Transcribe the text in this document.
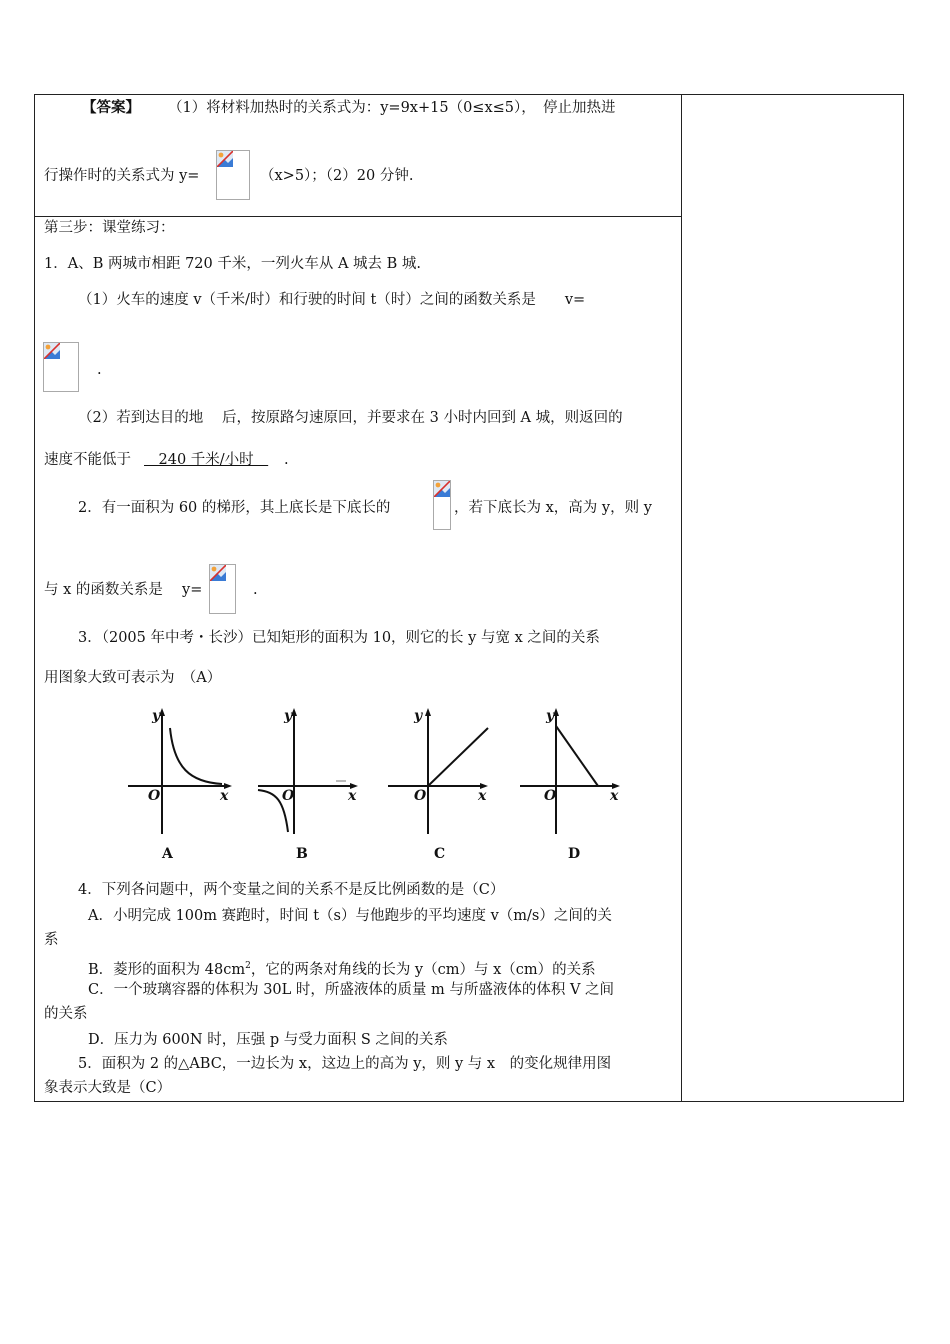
【答案】 （1）将材料加热时的关系式为：y=9x+15（0≤x≤5），　停止加热进
行操作时的关系式为 y=	（x>5）；（2）20 分钟.
第三步：课堂练习：
1．A、B 两城市相距 720 千米，一列火车从 A 城去 B 城.
（1）火车的速度 v（千米/时）和行驶的时间 t（时）之间的函数关系是　　v=
.
（2）若到达目的地 后，按原路匀速原回，并要求在 3 小时内回到 A 城，则返回的
速度不能低于 　240 千米/小时　 .
2．有一面积为 60 的梯形，其上底长是下底长的	，若下底长为 x，高为 y，则 y
与 x 的函数关系是　 y=	.
3．（2005 年中考・长沙）已知矩形的面积为 10，则它的长 y 与宽 x 之间的关系
用图象大致可表示为　（A）
y
x
O
A
y
x
O
B
y
x
O
C
y
x
O
D
4．下列各问题中，两个变量之间的关系不是反比例函数的是（C）
A．小明完成 100m 赛跑时，时间 t（s）与他跑步的平均速度 v（m/s）之间的关
系
B．菱形的面积为 $48cm^2$，它的两条对角线的长为 y（cm）与 x（cm）的关系
C．一个玻璃容器的体积为 30L 时，所盛液体的质量 m 与所盛液体的体积 V 之间
的关系
D．压力为 600N 时，压强 p 与受力面积 S 之间的关系
5．面积为 2 的△ABC，一边长为 x，这边上的高为 y，则 y 与 x　的变化规律用图
象表示大致是（C）
